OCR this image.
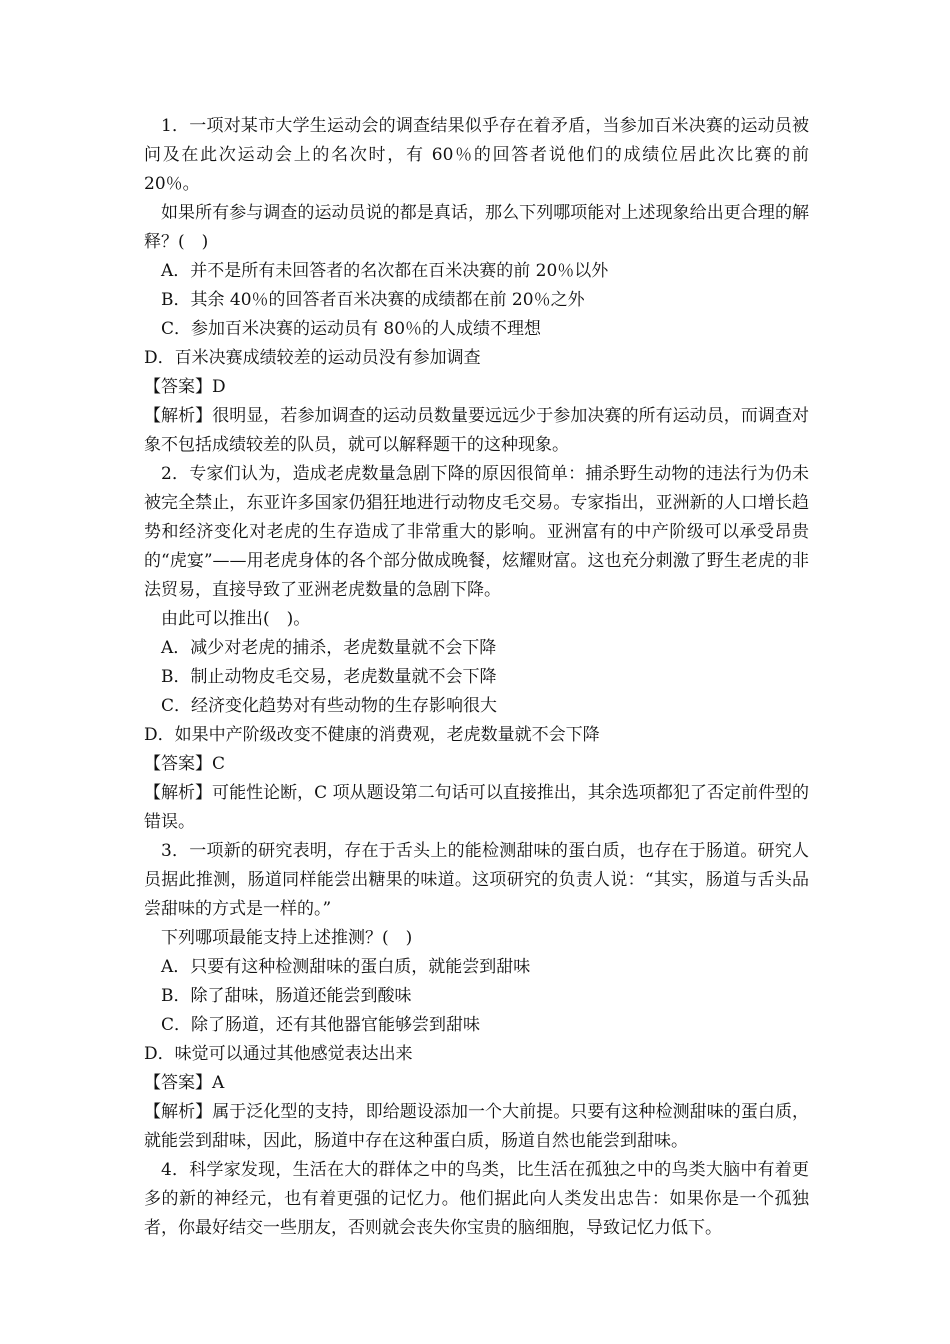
1．一项对某市大学生运动会的调查结果似乎存在着矛盾，当参加百米决赛的运动员被问及在此次运动会上的名次时，有 60％的回答者说他们的成绩位居此次比赛的前 20％。

如果所有参与调查的运动员说的都是真话，那么下列哪项能对上述现象给出更合理的解释？(　)

A．并不是所有未回答者的名次都在百米决赛的前 20％以外

B．其余 40％的回答者百米决赛的成绩都在前 20％之外

C．参加百米决赛的运动员有 80％的人成绩不理想

D．百米决赛成绩较差的运动员没有参加调查

【答案】D

【解析】很明显，若参加调查的运动员数量要远远少于参加决赛的所有运动员，而调查对象不包括成绩较差的队员，就可以解释题干的这种现象。

2．专家们认为，造成老虎数量急剧下降的原因很简单：捕杀野生动物的违法行为仍未被完全禁止，东亚许多国家仍猖狂地进行动物皮毛交易。专家指出，亚洲新的人口增长趋势和经济变化对老虎的生存造成了非常重大的影响。亚洲富有的中产阶级可以承受昂贵的“虎宴”——用老虎身体的各个部分做成晚餐，炫耀财富。这也充分刺激了野生老虎的非法贸易，直接导致了亚洲老虎数量的急剧下降。

由此可以推出(　)。

A．减少对老虎的捕杀，老虎数量就不会下降

B．制止动物皮毛交易，老虎数量就不会下降

C．经济变化趋势对有些动物的生存影响很大

D．如果中产阶级改变不健康的消费观，老虎数量就不会下降

【答案】C

【解析】可能性论断，C 项从题设第二句话可以直接推出，其余选项都犯了否定前件型的错误。

3．一项新的研究表明，存在于舌头上的能检测甜味的蛋白质，也存在于肠道。研究人员据此推测，肠道同样能尝出糖果的味道。这项研究的负责人说：“其实，肠道与舌头品尝甜味的方式是一样的。”

下列哪项最能支持上述推测？(　)

A．只要有这种检测甜味的蛋白质，就能尝到甜味

B．除了甜味，肠道还能尝到酸味

C．除了肠道，还有其他器官能够尝到甜味

D．味觉可以通过其他感觉表达出来

【答案】A

【解析】属于泛化型的支持，即给题设添加一个大前提。只要有这种检测甜味的蛋白质，就能尝到甜味，因此，肠道中存在这种蛋白质，肠道自然也能尝到甜味。

4．科学家发现，生活在大的群体之中的鸟类，比生活在孤独之中的鸟类大脑中有着更多的新的神经元，也有着更强的记忆力。他们据此向人类发出忠告：如果你是一个孤独者，你最好结交一些朋友，否则就会丧失你宝贵的脑细胞，导致记忆力低下。
